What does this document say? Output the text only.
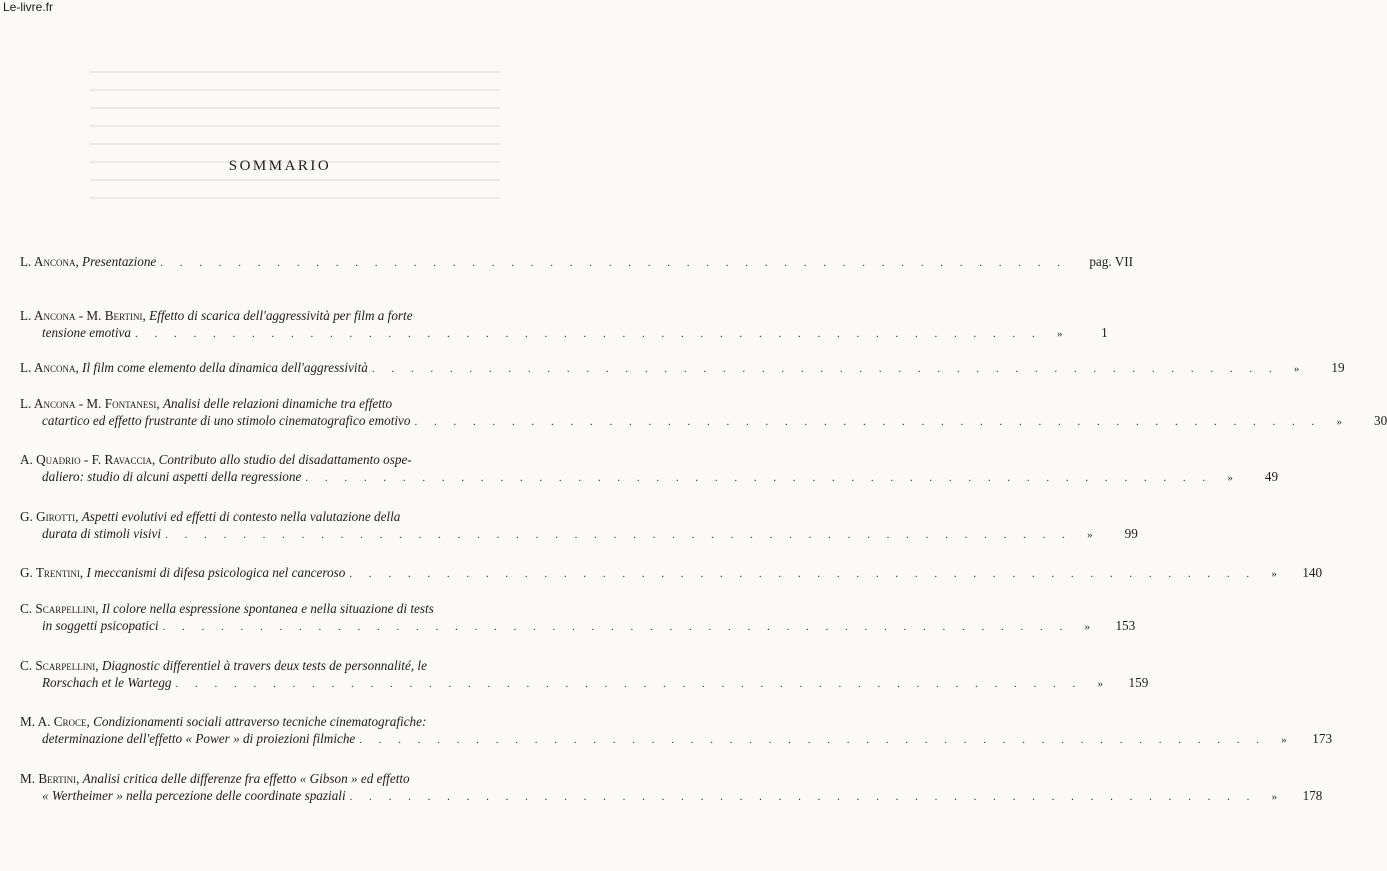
Le-livre.fr
SOMMARIO
L. Ancona,
Presentazione . . . . . . . . . . . . . . . . . . . . . . . . . . . . . . . . . . . . . . . . . . . . . . .	pag. VII
L. Ancona - M. Bertini,
Effetto di scarica dell'aggressività per film a forte
tensione emotiva . . . . . . . . . . . . . . . . . . . . . . . . . . . . . . . . . . . . . . . . . . . . . . .	»	1
L. Ancona,
Il film come elemento della dinamica dell'aggressività . . . . . . . . . . . . . . . . . . . . . . . . . . . . . . . . . . . . . . . . . . . . . . .	»	19
L. Ancona - M. Fontanesi,
Analisi delle relazioni dinamiche tra effetto
catartico ed effetto frustrante di uno stimolo cinematografico emotivo . . . . . . . . . . . . . . . . . . . . . . . . . . . . . . . . . . . . . . . . . . . . . . .	»	30
A. Quadrio - F. Ravaccia,
Contributo allo studio del disadattamento ospe-
daliero: studio di alcuni aspetti della regressione . . . . . . . . . . . . . . . . . . . . . . . . . . . . . . . . . . . . . . . . . . . . . . .	»	49
G. Girotti,
Aspetti evolutivi ed effetti di contesto nella valutazione della
durata di stimoli visivi . . . . . . . . . . . . . . . . . . . . . . . . . . . . . . . . . . . . . . . . . . . . . . .	»	99
G. Trentini,
I meccanismi di difesa psicologica nel canceroso . . . . . . . . . . . . . . . . . . . . . . . . . . . . . . . . . . . . . . . . . . . . . . .	»	140
C. Scarpellini,
Il colore nella espressione spontanea e nella situazione di tests
in soggetti psicopatici . . . . . . . . . . . . . . . . . . . . . . . . . . . . . . . . . . . . . . . . . . . . . . .	»	153
C. Scarpellini,
Diagnostic differentiel à travers deux tests de personnalité, le
Rorschach et le Wartegg . . . . . . . . . . . . . . . . . . . . . . . . . . . . . . . . . . . . . . . . . . . . . . .	»	159
M. A. Croce,
Condizionamenti sociali attraverso tecniche cinematografiche:
determinazione dell'effetto « Power » di proiezioni filmiche . . . . . . . . . . . . . . . . . . . . . . . . . . . . . . . . . . . . . . . . . . . . . . .	»	173
M. Bertini,
Analisi critica delle differenze fra effetto « Gibson » ed effetto
« Wertheimer » nella percezione delle coordinate spaziali . . . . . . . . . . . . . . . . . . . . . . . . . . . . . . . . . . . . . . . . . . . . . . .	»	178
